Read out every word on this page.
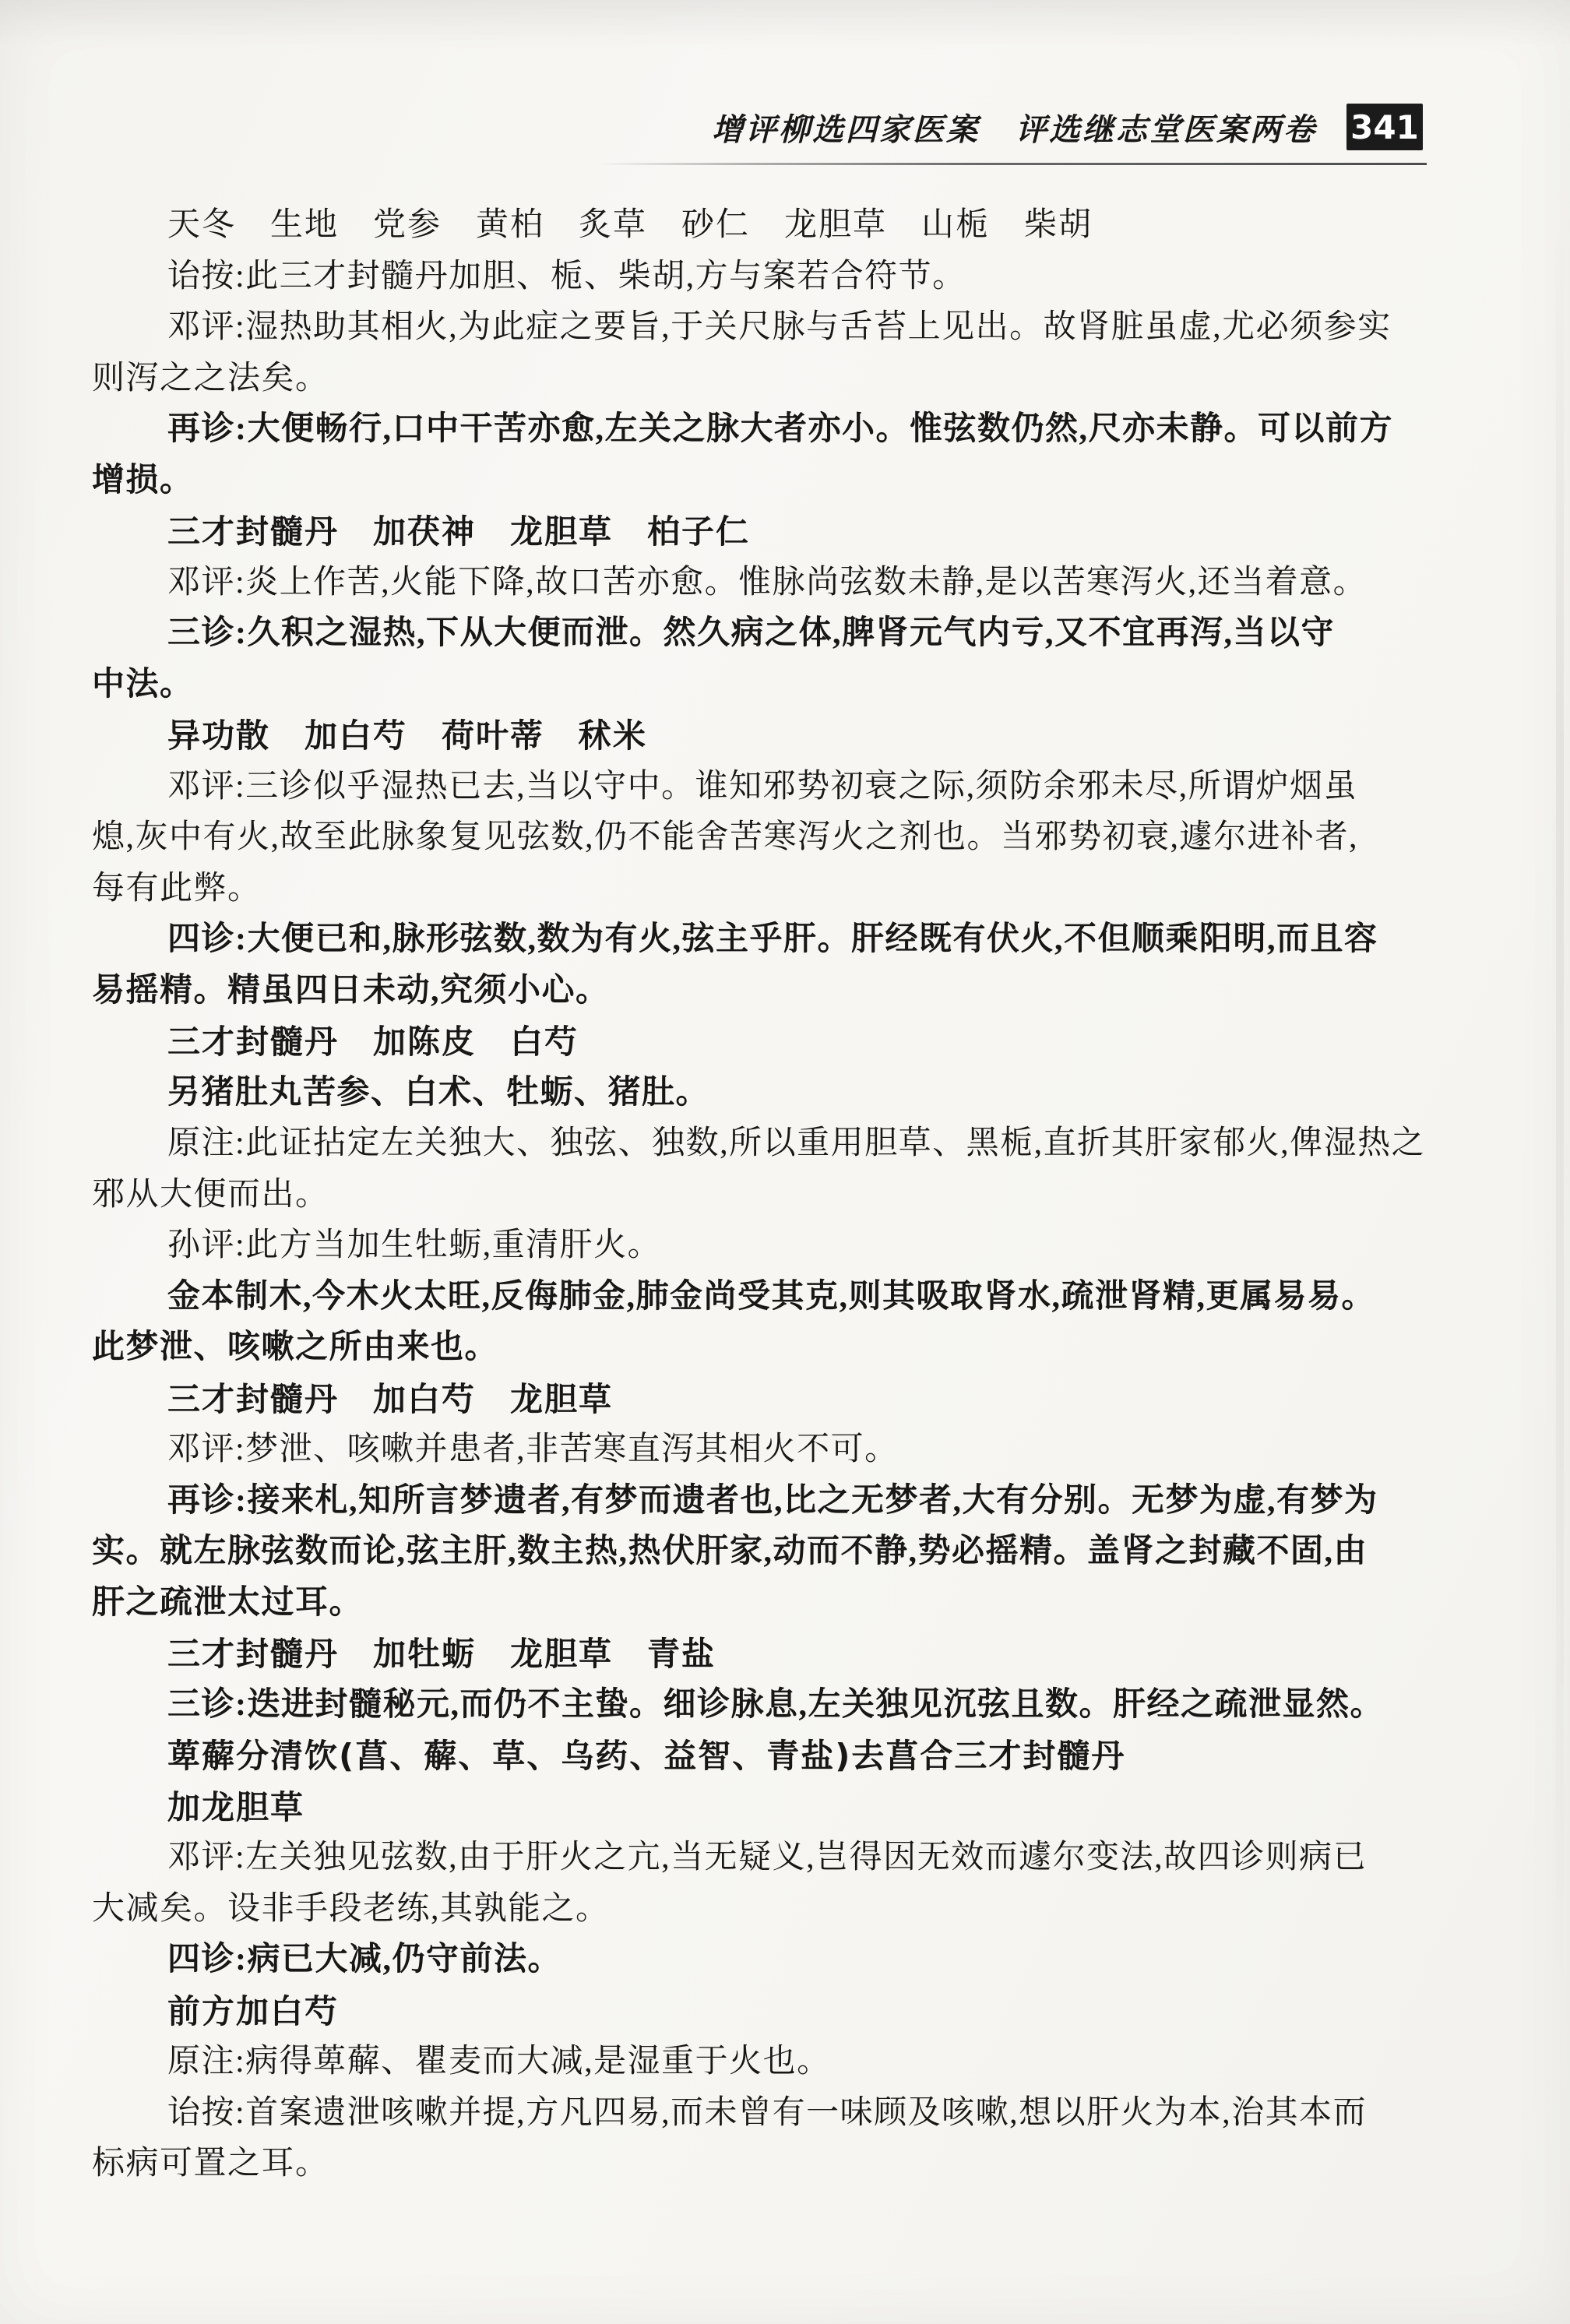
增评柳选四家医案 评选继志堂医案两卷 341
天冬　生地　党参　黄柏　炙草　砂仁　龙胆草　山栀　柴胡
诒按:此三才封髓丹加胆、栀、柴胡,方与案若合符节。
邓评:湿热助其相火,为此症之要旨,于关尺脉与舌苔上见出。故肾脏虽虚,尤必须参实
则泻之之法矣。
再诊:大便畅行,口中干苦亦愈,左关之脉大者亦小。惟弦数仍然,尺亦未静。可以前方
增损。
三才封髓丹　加茯神　龙胆草　柏子仁
邓评:炎上作苦,火能下降,故口苦亦愈。惟脉尚弦数未静,是以苦寒泻火,还当着意。
三诊:久积之湿热,下从大便而泄。然久病之体,脾肾元气内亏,又不宜再泻,当以守
中法。
异功散　加白芍　荷叶蒂　秫米
邓评:三诊似乎湿热已去,当以守中。谁知邪势初衰之际,须防余邪未尽,所谓炉烟虽
熄,灰中有火,故至此脉象复见弦数,仍不能舍苦寒泻火之剂也。当邪势初衰,遽尔进补者,
每有此弊。
四诊:大便已和,脉形弦数,数为有火,弦主乎肝。肝经既有伏火,不但顺乘阳明,而且容
易摇精。精虽四日未动,究须小心。
三才封髓丹　加陈皮　白芍
另猪肚丸苦参、白术、牡蛎、猪肚。
原注:此证拈定左关独大、独弦、独数,所以重用胆草、黑栀,直折其肝家郁火,俾湿热之
邪从大便而出。
孙评:此方当加生牡蛎,重清肝火。
金本制木,今木火太旺,反侮肺金,肺金尚受其克,则其吸取肾水,疏泄肾精,更属易易。
此梦泄、咳嗽之所由来也。
三才封髓丹　加白芍　龙胆草
邓评:梦泄、咳嗽并患者,非苦寒直泻其相火不可。
再诊:接来札,知所言梦遗者,有梦而遗者也,比之无梦者,大有分别。无梦为虚,有梦为
实。就左脉弦数而论,弦主肝,数主热,热伏肝家,动而不静,势必摇精。盖肾之封藏不固,由
肝之疏泄太过耳。
三才封髓丹　加牡蛎　龙胆草　青盐
三诊:迭进封髓秘元,而仍不主蛰。细诊脉息,左关独见沉弦且数。肝经之疏泄显然。
萆薢分清饮(菖、薢、草、乌药、益智、青盐)去菖合三才封髓丹
加龙胆草
邓评:左关独见弦数,由于肝火之亢,当无疑义,岂得因无效而遽尔变法,故四诊则病已
大减矣。设非手段老练,其孰能之。
四诊:病已大减,仍守前法。
前方加白芍
原注:病得萆薢、瞿麦而大减,是湿重于火也。
诒按:首案遗泄咳嗽并提,方凡四易,而未曾有一味顾及咳嗽,想以肝火为本,治其本而
标病可置之耳。
